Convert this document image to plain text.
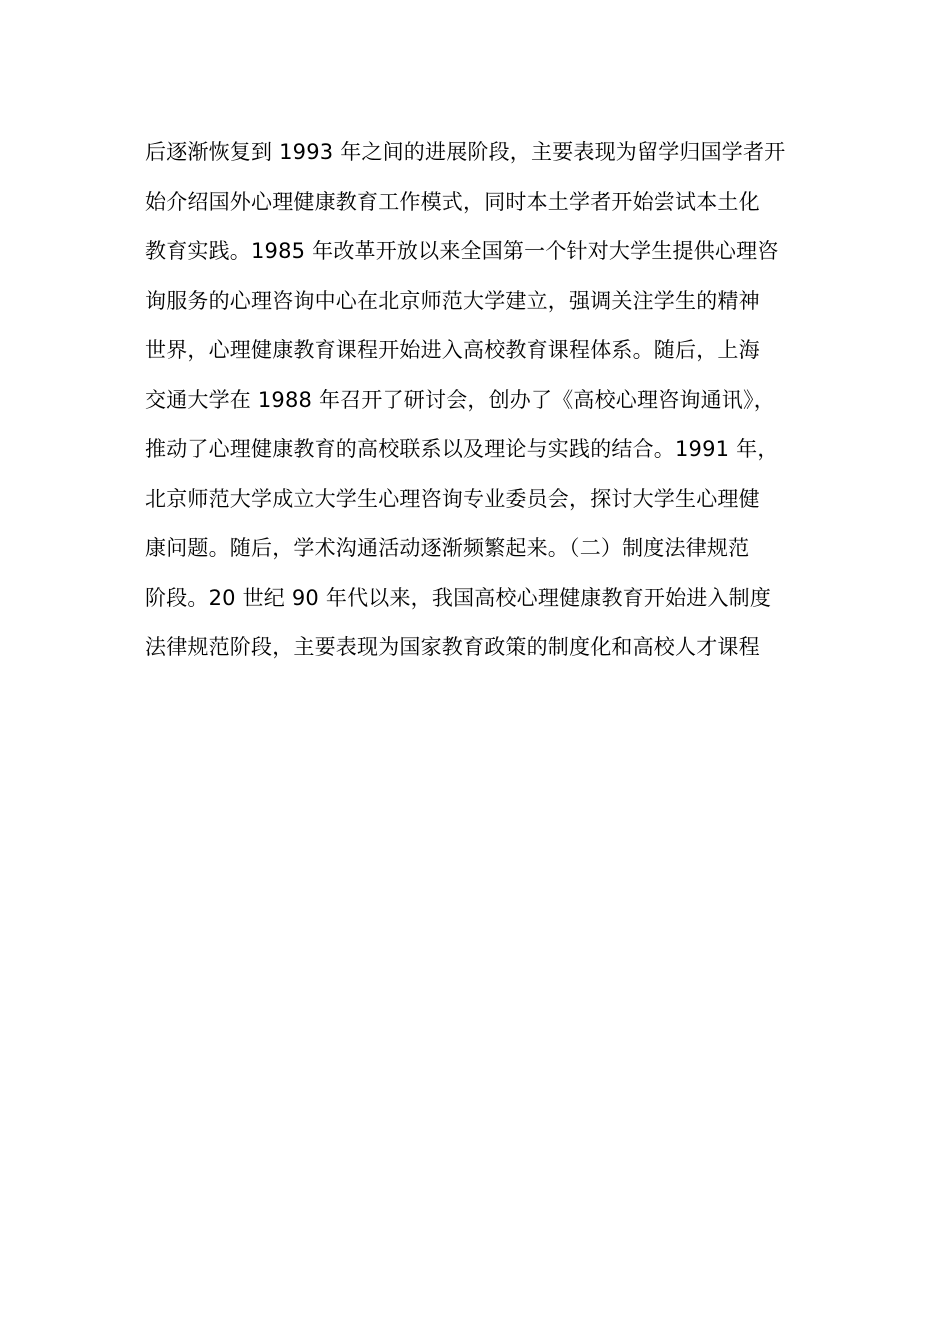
后逐渐恢复到 1993 年之间的进展阶段，主要表现为留学归国学者开
始介绍国外心理健康教育工作模式，同时本土学者开始尝试本土化
教育实践。1985 年改革开放以来全国第一个针对大学生提供心理咨
询服务的心理咨询中心在北京师范大学建立，强调关注学生的精神
世界，心理健康教育课程开始进入高校教育课程体系。随后，上海
交通大学在 1988 年召开了研讨会，创办了《高校心理咨询通讯》，
推动了心理健康教育的高校联系以及理论与实践的结合。1991 年，
北京师范大学成立大学生心理咨询专业委员会，探讨大学生心理健
康问题。随后，学术沟通活动逐渐频繁起来。（二）制度法律规范
阶段。20 世纪 90 年代以来，我国高校心理健康教育开始进入制度
法律规范阶段，主要表现为国家教育政策的制度化和高校人才课程
